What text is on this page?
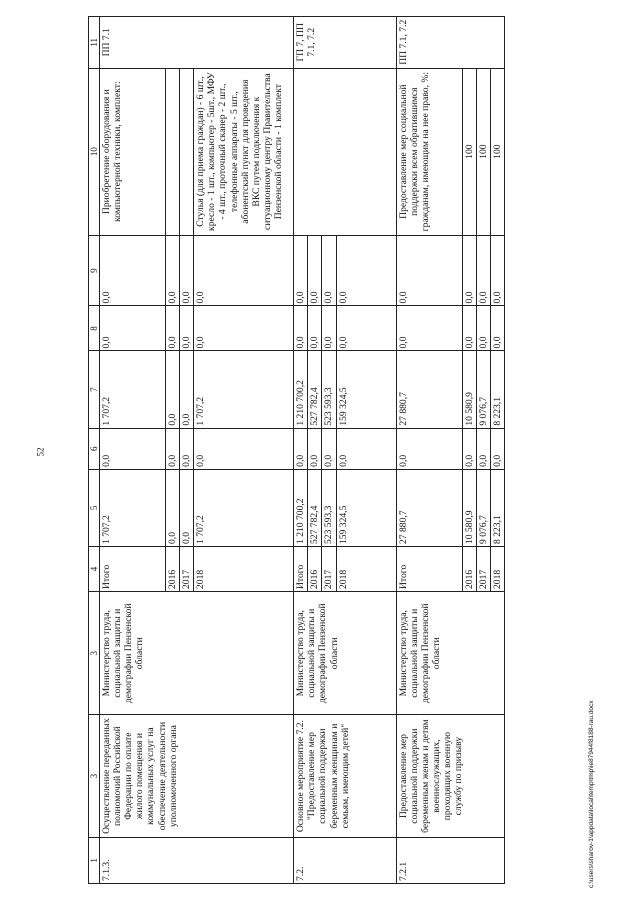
52
1	3	3	4	5	6	7	8	9	10	11
7.1.3.	Осуществление переданных полномочий Российской Федерации по оплате жилого помещения и коммунальных услуг на обеспечение деятельности уполномоченного органа	Министерство труда, социальной защиты и демографии Пензенской области	Итого	1 707,2	0,0	1 707,2	0,0	0,0	Приобретение оборудования и компьютерной техники, комплект:	ПП 7.1
			2016	0,0	0,0	0,0	0,0	0,0		
			2017	0,0	0,0	0,0	0,0	0,0		
			2018	1 707,2	0,0	1 707,2	0,0	0,0	Стулья (для приема граждан) - 6 шт., кресло - 1 шт., компьютер - 5шт., МФУ - 4 шт., проточный сканер - 2 шт., телефонные аппараты - 5 шт., абонентский пункт для проведения ВКС путем подключения к ситуационному центру Правительства Пензенской области - 1 комплект	
7.2.	Основное мероприятие 7.2. "Предоставление мер социальной поддержки беременным женщинам и семьям, имеющим детей"	Министерство труда, социальной защиты и демографии Пензенской области	Итого	1 210 700,2	0,0	1 210 700,2	0,0	0,0		ГП 7, ПП 7.1, 7.2
			2016	527 782,4	0,0	527 782,4	0,0	0,0		
			2017	523 593,3	0,0	523 593,3	0,0	0,0		
			2018	159 324,5	0,0	159 324,5	0,0	0,0		
7.2.1	Предоставление мер социальной поддержки беременным женам и детям военнослужащих, проходящих военную службу по призыву	Министерство труда, социальной защиты и демографии Пензенской области	Итого	27 880,7	0,0	27 880,7	0,0	0,0	Предоставление мер социальной поддержки всем обратившимся гражданам, имеющим на нее право, %:	ПП 7.1, 7.2
			2016	10 580,9	0,0	10 580,9	0,0	0,0	100	
			2017	9 076,7	0,0	9 076,7	0,0	0,0	100	
			2018	8 223,1	0,0	8 223,1	0,0	0,0	100	
c:\users\sharov-1\appdata\local\temp\tmp\ie87944f8188-rau.docx
